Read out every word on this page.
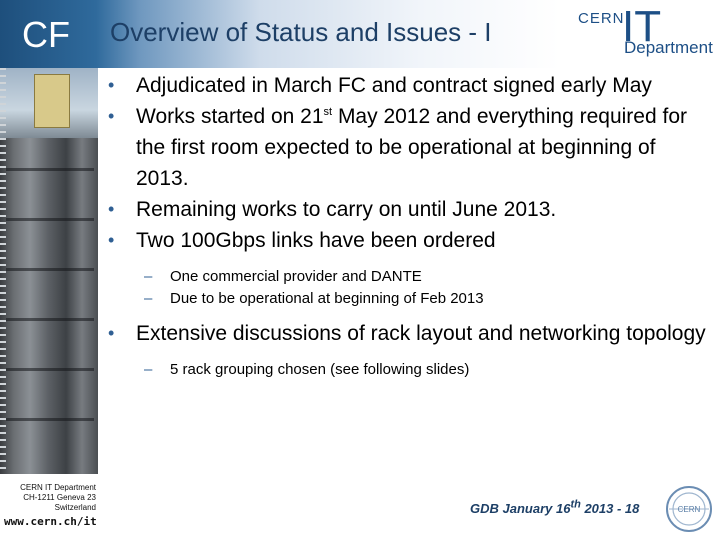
CF Overview of Status and Issues - I	CERN
IT
Department
• Adjudicated in March FC and contract signed early May
• Works started on 21st May 2012 and everything required for the first room expected to be operational at beginning of 2013.
• Remaining works to carry on until June 2013.
• Two 100Gbps links have been ordered
– One commercial provider and DANTE
– Due to be operational at beginning of Feb 2013
• Extensive discussions of rack layout and networking topology
– 5 rack grouping chosen (see following slides)
CERN IT Department
CH-1211 Geneva 23
Switzerland
www.cern.ch/it
GDB January 16th 2013 - 18	CERN
